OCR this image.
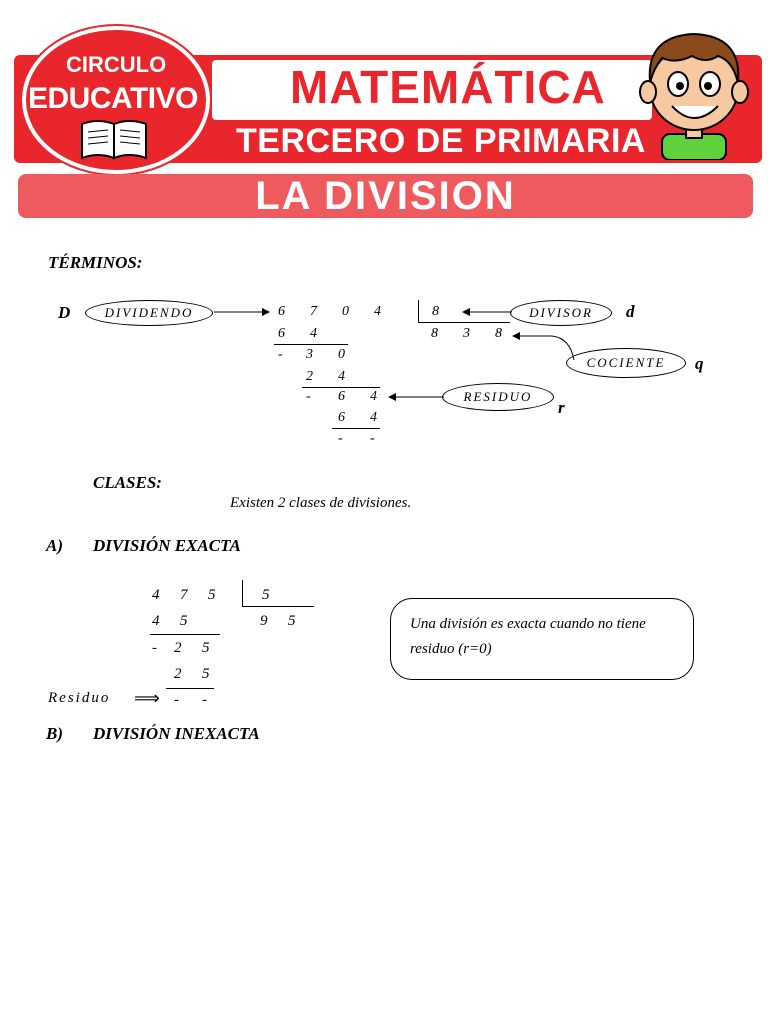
CIRCULO
EDUCATIVO MATEMÁTICA
TERCERO DE PRIMARIA
LA DIVISION
TÉRMINOS:
D	DIVIDENDO	6 7 0 4	8	DIVISOR	d
8 3 8
COCIENTE	q
6 4
- 3 0
2 4
- 6 4	RESIDUO
r
6 4
- -
CLASES:
Existen 2 clases de divisiones.
A) DIVISIÓN EXACTA
4 7 5	5
9 5
4 5
- 2 5
2 5
- -
Residuo ⟹
Una división es exacta cuando no tiene residuo (r=0)
B) DIVISIÓN INEXACTA
